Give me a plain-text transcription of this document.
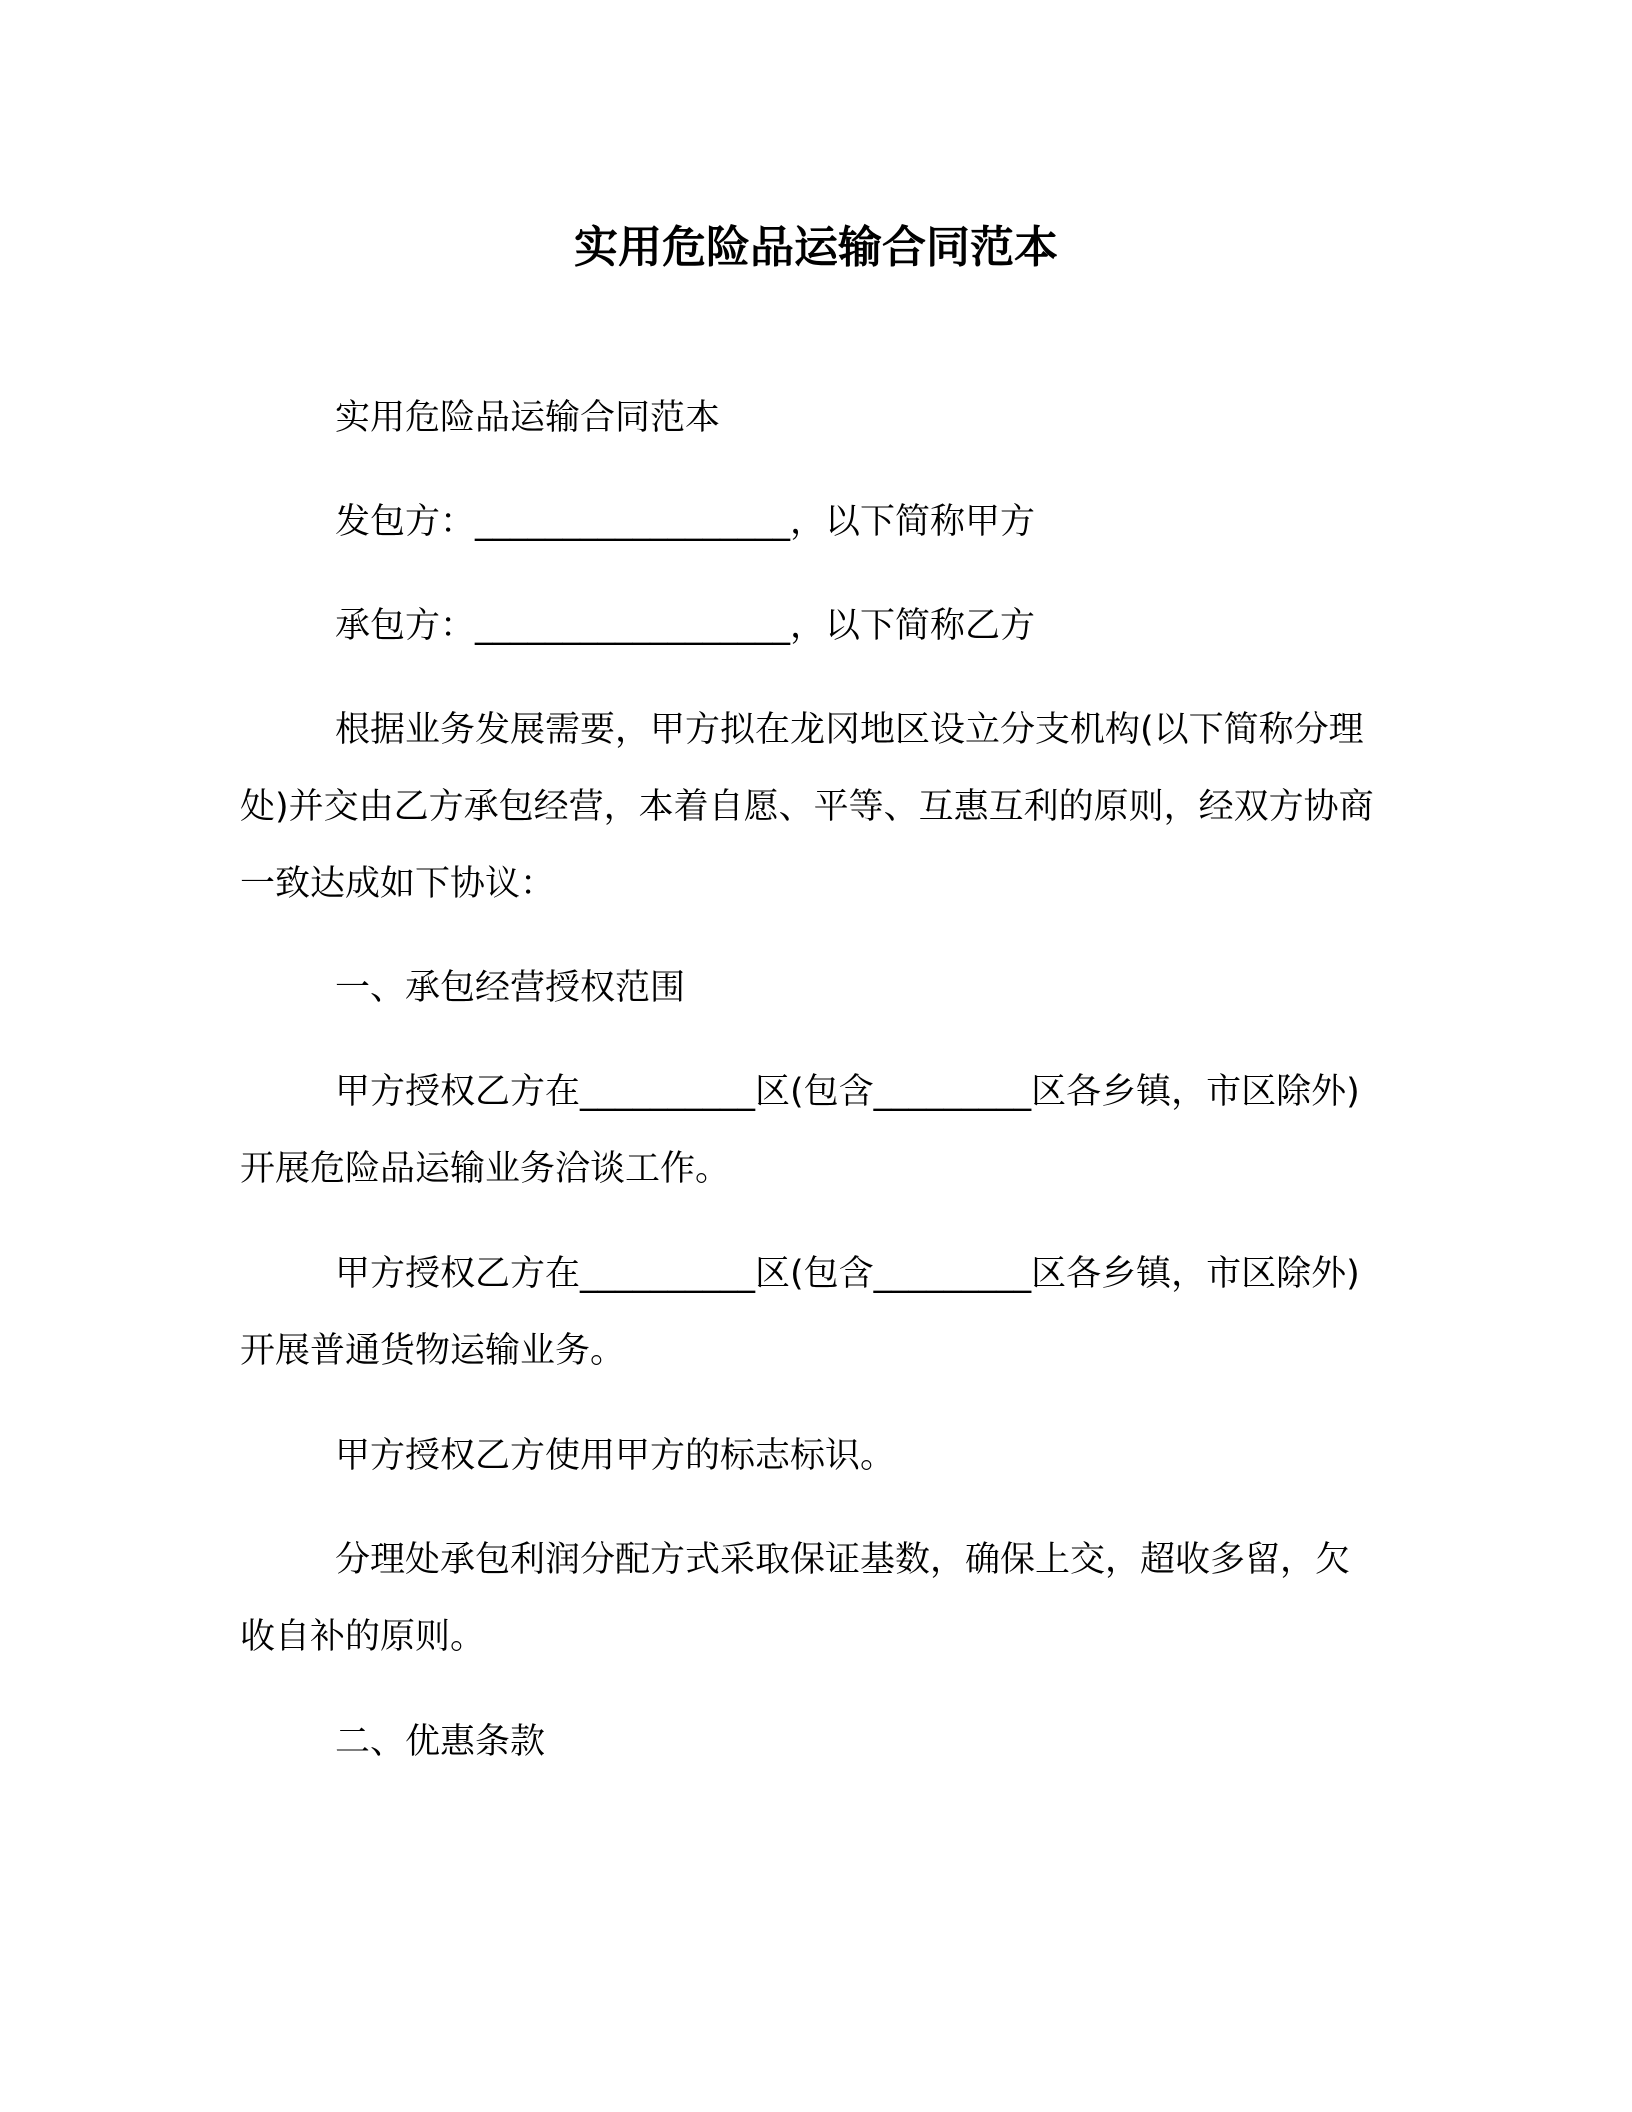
实用危险品运输合同范本

实用危险品运输合同范本

发包方：__________________，以下简称甲方

承包方：__________________，以下简称乙方

根据业务发展需要，甲方拟在龙冈地区设立分支机构(以下简称分理处)并交由乙方承包经营，本着自愿、平等、互惠互利的原则，经双方协商一致达成如下协议：

一、承包经营授权范围

甲方授权乙方在__________区(包含_________区各乡镇，市区除外)开展危险品运输业务洽谈工作。

甲方授权乙方在__________区(包含_________区各乡镇，市区除外)开展普通货物运输业务。

甲方授权乙方使用甲方的标志标识。

分理处承包利润分配方式采取保证基数，确保上交，超收多留，欠收自补的原则。

二、优惠条款
